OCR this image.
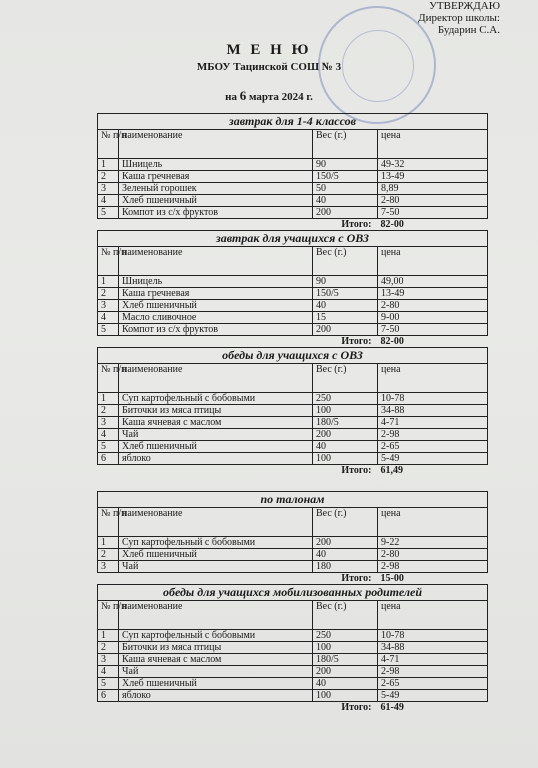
УТВЕРЖДАЮ
Директор школы:
Бударин С.А.
М Е Н Ю
МБОУ Тацинской СОШ № 3
на 6 марта 2024 г.
завтрак для 1-4 классов
№ п/п	наименование	Вес (г.)	цена
1	Шницель	90	49-32
2	Каша гречневая	150/5	13-49
3	Зеленый горошек	50	8,89
4	Хлеб пшеничный	40	2-80
5	Компот из с/х фруктов	200	7-50
Итого:			82-00
завтрак для учащихся с ОВЗ
№ п/п	наименование	Вес (г.)	цена
1	Шницель	90	49,00
2	Каша гречневая	150/5	13-49
3	Хлеб пшеничный	40	2-80
4	Масло сливочное	15	9-00
5	Компот из с/х фруктов	200	7-50
Итого:			82-00
обеды для учащихся с ОВЗ
№ п/п	наименование	Вес (г.)	цена
1	Суп картофельный с бобовыми	250	10-78
2	Биточки из мяса птицы	100	34-88
3	Каша ячневая с маслом	180/5	4-71
4	Чай	200	2-98
5	Хлеб пшеничный	40	2-65
6	яблоко	100	5-49
Итого:			61,49
по талонам
№ п/п	наименование	Вес (г.)	цена
1	Суп картофельный с бобовыми	200	9-22
2	Хлеб пшеничный	40	2-80
3	Чай	180	2-98
Итого:			15-00
обеды для учащихся мобилизованных родителей
№ п/п	наименование	Вес (г.)	цена
1	Суп картофельный с бобовыми	250	10-78
2	Биточки из мяса птицы	100	34-88
3	Каша ячневая с маслом	180/5	4-71
4	Чай	200	2-98
5	Хлеб пшеничный	40	2-65
6	яблоко	100	5-49
Итого:			61-49
